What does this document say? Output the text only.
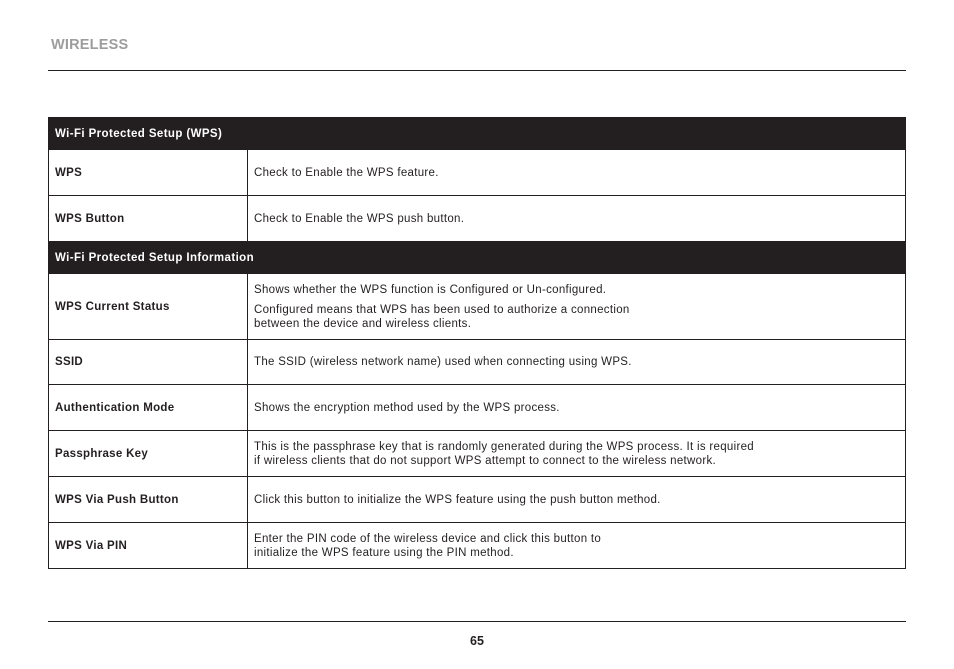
WIRELESS
Wi-Fi Protected Setup (WPS)	
WPS	Check to Enable the WPS feature.

WPS Button	Check to Enable the WPS push button.

Wi-Fi Protected Setup Information	
WPS Current Status	Shows whether the WPS function is Configured or Un-configured.

Configured means that WPS has been used to authorize a connection
between the device and wireless clients.

SSID	The SSID (wireless network name) used when connecting using WPS.

Authentication Mode	Shows the encryption method used by the WPS process.

Passphrase Key	This is the passphrase key that is randomly generated during the WPS process. It is required
if wireless clients that do not support WPS attempt to connect to the wireless network.

WPS Via Push Button	Click this button to initialize the WPS feature using the push button method.

WPS Via PIN	Enter the PIN code of the wireless device and click this button to
initialize the WPS feature using the PIN method.
65
